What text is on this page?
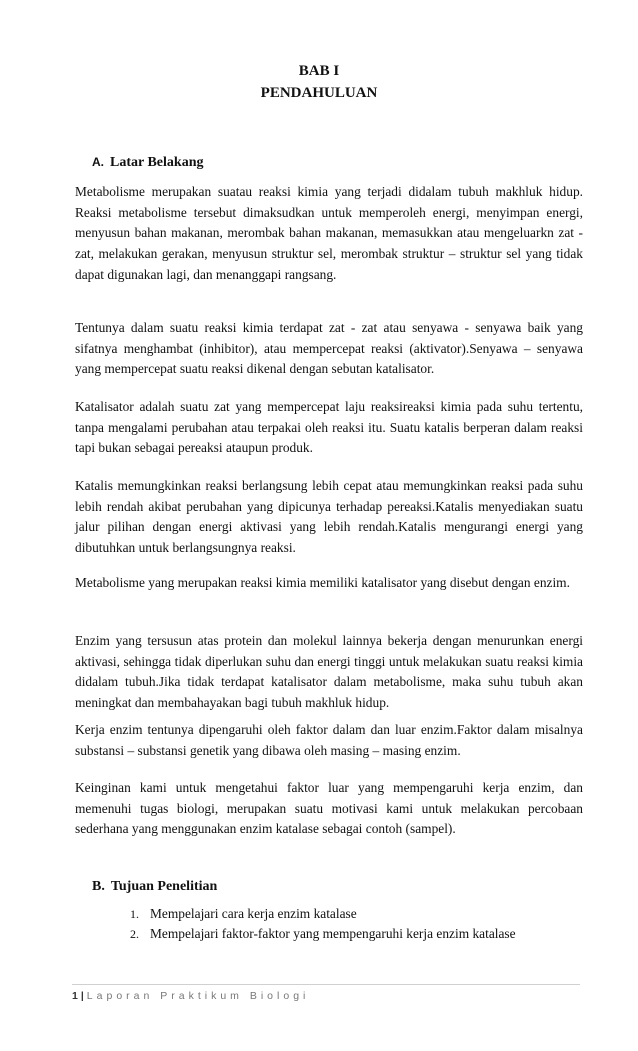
BAB I
PENDAHULUAN
A. Latar Belakang

Metabolisme merupakan suatau reaksi kimia yang terjadi didalam tubuh makhluk hidup. Reaksi metabolisme tersebut dimaksudkan untuk memperoleh energi, menyimpan energi, menyusun bahan makanan, merombak bahan makanan, memasukkan atau mengeluarkn zat - zat, melakukan gerakan, menyusun struktur sel, merombak struktur – struktur sel yang tidak dapat digunakan lagi, dan menanggapi rangsang.

Tentunya dalam suatu reaksi kimia terdapat zat - zat atau senyawa - senyawa baik yang sifatnya menghambat (inhibitor), atau mempercepat reaksi (aktivator).Senyawa – senyawa yang mempercepat suatu reaksi dikenal dengan sebutan katalisator.

Katalisator adalah suatu zat yang mempercepat laju reaksireaksi kimia pada suhu tertentu, tanpa mengalami perubahan atau terpakai oleh reaksi itu. Suatu katalis berperan dalam reaksi tapi bukan sebagai pereaksi ataupun produk.

Katalis memungkinkan reaksi berlangsung lebih cepat atau memungkinkan reaksi pada suhu lebih rendah akibat perubahan yang dipicunya terhadap pereaksi.Katalis menyediakan suatu jalur pilihan dengan energi aktivasi yang lebih rendah.Katalis mengurangi energi yang dibutuhkan untuk berlangsungnya reaksi.

Metabolisme yang merupakan reaksi kimia memiliki katalisator yang disebut dengan enzim.

Enzim yang tersusun atas protein dan molekul lainnya bekerja dengan menurunkan energi aktivasi, sehingga tidak diperlukan suhu dan energi tinggi untuk melakukan suatu reaksi kimia didalam tubuh.Jika tidak terdapat katalisator dalam metabolisme, maka suhu tubuh akan meningkat dan membahayakan bagi tubuh makhluk hidup.

Kerja enzim tentunya dipengaruhi oleh faktor dalam dan luar enzim.Faktor dalam misalnya substansi – substansi genetik yang dibawa oleh masing – masing enzim.

Keinginan kami untuk mengetahui faktor luar yang mempengaruhi kerja enzim, dan memenuhi tugas biologi, merupakan suatu motivasi kami untuk melakukan percobaan sederhana yang menggunakan enzim katalase sebagai contoh (sampel).

B. Tujuan Penelitian
1. Mempelajari cara kerja enzim katalase
2. Mempelajari faktor-faktor yang mempengaruhi kerja enzim katalase
1 | Laporan Praktikum Biologi
